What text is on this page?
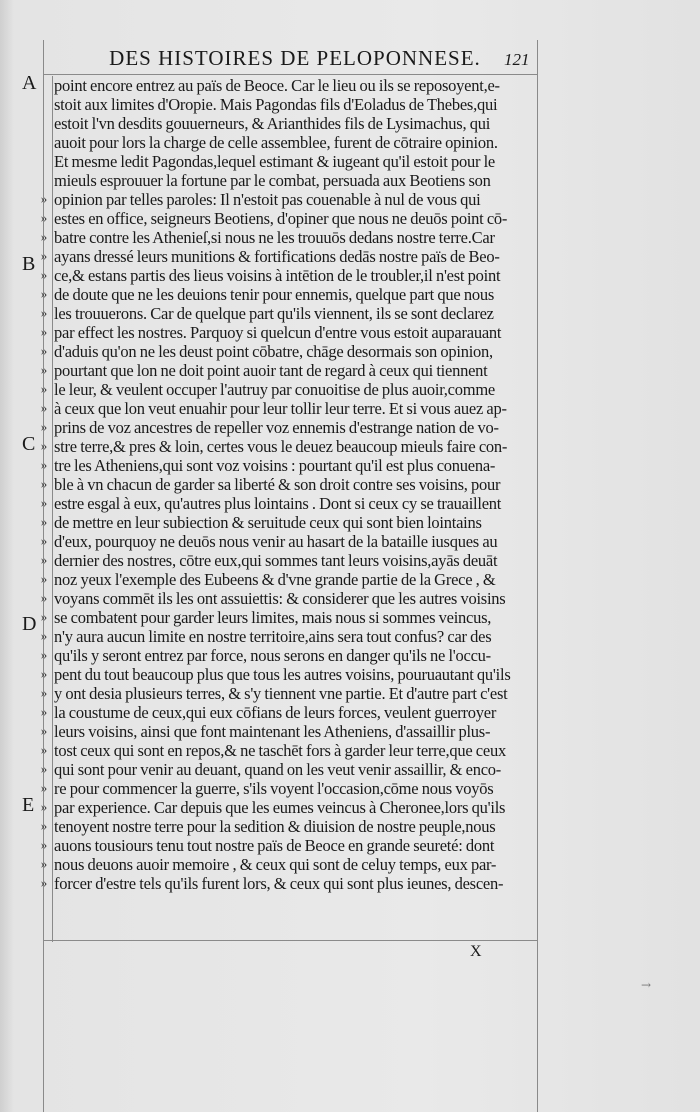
DES HISTOIRES DE PELOPONNESE.	121
A
B
C
D
E
»
»
»
»
»
»
»
»
»
»
»
»
»
»
»
»
»
»
»
»
»
»
»
»
»
»
»
»
»
»
»
»
»
»
»
»
»
point encore entrez au païs de Beoce. Car le lieu ou ils se reposoyent,e-
stoit aux limites d'Oropie. Mais Pagondas fils d'Eoladus de Thebes,qui
estoit l'vn desdits gouuerneurs, & Arianthides fils de Lysimachus, qui
auoit pour lors la charge de celle assemblee, furent de cōtraire opinion.
Et mesme ledit Pagondas,lequel estimant & iugeant qu'il estoit pour le
mieuls esprouuer la fortune par le combat, persuada aux Beotiens son
opinion par telles paroles: Il n'estoit pas couenable à nul de vous qui
estes en office, seigneurs Beotiens, d'opiner que nous ne deuōs point cō-
batre contre les Athenieſ,si nous ne les trouuōs dedans nostre terre.Car
ayans dressé leurs munitions & fortifications dedās nostre païs de Beo-
ce,& estans partis des lieus voisins à intētion de le troubler,il n'est point
de doute que ne les deuions tenir pour ennemis, quelque part que nous
les trouuerons. Car de quelque part qu'ils viennent, ils se sont declarez
par effect les nostres. Parquoy si quelcun d'entre vous estoit auparauant
d'aduis qu'on ne les deust point cōbatre, chāge desormais son opinion,
pourtant que lon ne doit point auoir tant de regard à ceux qui tiennent
le leur, & veulent occuper l'autruy par conuoitise de plus auoir,comme
à ceux que lon veut enuahir pour leur tollir leur terre. Et si vous auez ap-
prins de voz ancestres de repeller voz ennemis d'estrange nation de vo-
stre terre,& pres & loin, certes vous le deuez beaucoup mieuls faire con-
tre les Atheniens,qui sont voz voisins : pourtant qu'il est plus conuena-
ble à vn chacun de garder sa liberté & son droit contre ses voisins, pour
estre esgal à eux, qu'autres plus lointains . Dont si ceux cy se trauaillent
de mettre en leur subiection & seruitude ceux qui sont bien lointains
d'eux, pourquoy ne deuōs nous venir au hasart de la bataille iusques au
dernier des nostres, cōtre eux,qui sommes tant leurs voisins,ayās deuāt
noz yeux l'exemple des Eubeens & d'vne grande partie de la Grece , &
voyans commēt ils les ont assuiettis: & considerer que les autres voisins
se combatent pour garder leurs limites, mais nous si sommes veincus,
n'y aura aucun limite en nostre territoire,ains sera tout confus? car des
qu'ils y seront entrez par force, nous serons en danger qu'ils ne l'occu-
pent du tout beaucoup plus que tous les autres voisins, pouruautant qu'ils
y ont desia plusieurs terres, & s'y tiennent vne partie. Et d'autre part c'est
la coustume de ceux,qui eux cōfians de leurs forces, veulent guerroyer
leurs voisins, ainsi que font maintenant les Atheniens, d'assaillir plus-
tost ceux qui sont en repos,& ne taschēt fors à garder leur terre,que ceux
qui sont pour venir au deuant, quand on les veut venir assaillir, & enco-
re pour commencer la guerre, s'ils voyent l'occasion,cōme nous voyōs
par experience. Car depuis que les eumes veincus à Cheronee,lors qu'ils
tenoyent nostre terre pour la sedition & diuision de nostre peuple,nous
auons tousiours tenu tout nostre païs de Beoce en grande seureté: dont
nous deuons auoir memoire , & ceux qui sont de celuy temps, eux par-
forcer d'estre tels qu'ils furent lors, & ceux qui sont plus ieunes, descen-
X
→
